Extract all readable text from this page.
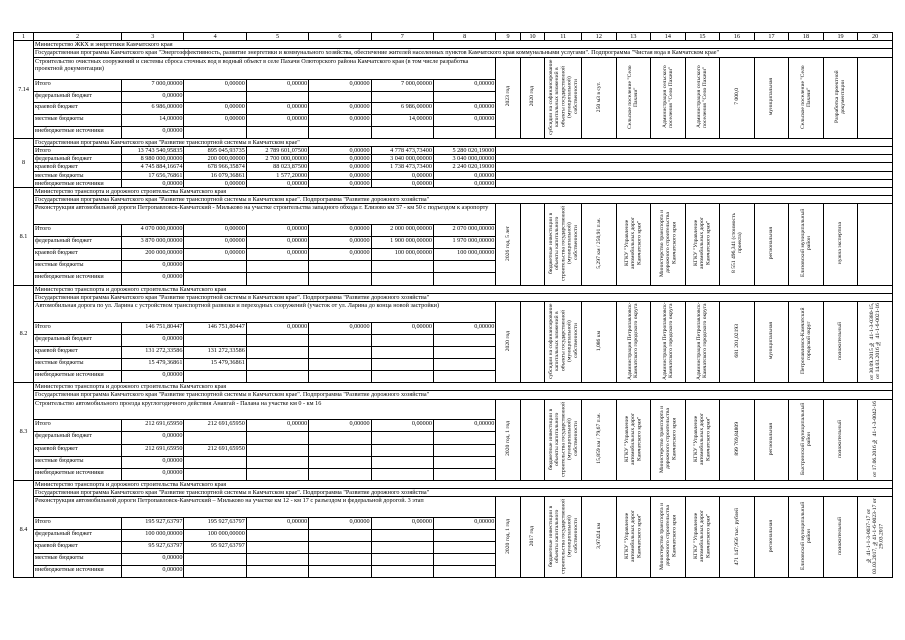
1	2	3	4	5	6	7	8	9	10	11	12	13	14	15	16	17	18	19	20
7.14	Министерство ЖКХ и энергетики Камчатского края																		
	Государственная программа Камчатского края "Энергоэффективность, развитие энергетики и коммунального хозяйства, обеспечение жителей населенных пунктов Камчатского края коммунальными услугами". Подпрограмма "Чистая вода в Камчатском крае"																		
	Строительство очистных сооружений и системы сброса сточных вод в водный объект в селе Пахачи Олюторского района Камчатского края (в том числе разработка проектной документации)							2023 год	2020 год	субсидии на софинансирование капитальных вложений в объекты государственной (муниципальной) собственности	250 м3 в сут.	Сельское поселение "Село Пахачи"	Администрация сельского поселения "Село Пахачи"	Администрация сельского поселения "Село Пахачи"	7 000,0	муниципальная	Сельское поселение "Село Пахачи"	Разработка проектной документации	
	Итого	7 000,00000	0,00000	0,00000	0,00000	7 000,00000	0,00000												
	федеральный бюджет	0,00000																	
	краевой бюджет	6 986,00000	0,00000	0,00000	0,00000	6 986,00000	0,00000												
	местные бюджеты	14,00000	0,00000	0,00000	0,00000	14,00000	0,00000												
	внебюджетные источники	0,00000																	
8	Государственная программа Камчатского края "Развитие транспортной системы в Камчатском крае"																		
	Итого	13 743 540,95835	895 045,93735	2 789 601,07500	0,00000	4 778 473,73400	5 280 020,19000												
	федеральный бюджет	8 980 000,00000	200 000,00000	2 700 000,00000	0,00000	3 040 000,00000	3 040 000,00000												
	краевой бюджет	4 745 884,16674	678 966,35874	88 023,87500	0,00000	1 738 473,73400	2 240 020,19000												
	местные бюджеты	17 656,76861	16 079,36861	1 577,20000	0,00000	0,00000	0,00000												
	внебюджетные источники	0,00000	0,00000	0,00000	0,00000	0,00000	0,00000												
8.1	Министерство транспорта и дорожного строительства Камчатского края																		
	Государственная программа Камчатского края "Развитие транспортной системы в Камчатском крае". Подпрограмма "Развитие дорожного хозяйства"																		
	Реконструкция автомобильной дороги Петропавловск-Камчатский - Мильково на участке строительства западного обхода г. Елизово км 37 - км 50 с подъездом к аэропорту							2026 год, 5 лет		бюджетные инвестиции в объекты капитального строительства государственной (муниципальной) собственности	5,297 км / 250,91 п.м.	КГКУ "Управление автомобильных дорог Камчатского края"	Министерство транспорта и дорожного строительства Камчатского края	КГКУ "Управление автомобильных дорог Камчатского края"	8 551 496,341 (стоимость проекта)	региональная	Елизовский муниципальный район	нужна экспертиза	
	Итого	4 070 000,00000	0,00000	0,00000	0,00000	2 000 000,00000	2 070 000,00000												
	федеральный бюджет	3 870 000,00000	0,00000	0,00000	0,00000	1 900 000,00000	1 970 000,00000												
	краевой бюджет	200 000,00000	0,00000	0,00000	0,00000	100 000,00000	100 000,00000												
	местные бюджеты	0,00000																	
	внебюджетные источники	0,00000																	
8.2	Министерство транспорта и дорожного строительства Камчатского края																		
	Государственная программа Камчатского края "Развитие транспортной системы в Камчатском крае". Подпрограмма "Развитие дорожного хозяйства"																		
	Автомобильная дорога по ул. Ларина с устройством транспортной развязки и переходных сооружений (участок от ул. Ларина до конца новой застройки)							2020 год		субсидии на софинансирование капитальных вложений в объекты государственной (муниципальной) собственности	1,086 км	Администрация Петропавловск-Камчатского городского округа	Администрация Петропавловск-Камчатского городского округа	Администрация Петропавловск-Камчатского городского округа	681 201,02193	муниципальная	Петропавловск-Камчатский городской округ	положительный	от 30.09.2015 № 41-1-3-0380-15, от 14.03.2016 № 41-1-6-0021-16
	Итого	146 751,80447	146 751,80447	0,00000	0,00000	0,00000	0,00000												
	федеральный бюджет	0,00000																	
	краевой бюджет	131 272,33586	131 272,33586																
	местные бюджеты	15 479,36861	15 479,36861																
	внебюджетные источники	0,00000																	
8.3	Министерство транспорта и дорожного строительства Камчатского края																		
	Государственная программа Камчатского края "Развитие транспортной системы в Камчатском крае". Подпрограмма "Развитие дорожного хозяйства"																		
	Строительство автомобильного проезда круглогодичного действия Анавгай - Палана на участке км 0 - км 16							2020 год, 1 год		бюджетные инвестиции в объекты капитального строительства государственной (муниципальной) собственности	15,859 км / 79,67 п.м.	КГКУ "Управление автомобильных дорог Камчатского края"	Министерство транспорта и дорожного строительства Камчатского края	КГКУ "Управление автомобильных дорог Камчатского края"	899 769,84809	региональная	Быстринский муниципальный район	положительный	от 17.06.2016 № 41-1-3-0042-16
	Итого	212 691,65950	212 691,65950	0,00000	0,00000	0,00000	0,00000												
	федеральный бюджет	0,00000																	
	краевой бюджет	212 691,65950	212 691,65950																
	местные бюджеты	0,00000																	
	внебюджетные источники	0,00000																	
8.4	Министерство транспорта и дорожного строительства Камчатского края																		
	Государственная программа Камчатского края "Развитие транспортной системы в Камчатском крае". Подпрограмма "Развитие дорожного хозяйства"																		
	Реконструкция автомобильной дороги Петропавловск-Камчатский – Мильково на участке км 12 - км 17 с разъездом и федеральной дорогой. 3 этап							2020 год, 1 год	2017 год	бюджетные инвестиции в объекты капитального строительства государственной (муниципальной) собственности	3,97424 км	КГКУ "Управление автомобильных дорог Камчатского края"	Министерство транспорта и дорожного строительства Камчатского края	КГКУ "Управление автомобильных дорог Камчатского края"	471 147,956 тыс. рублей	региональная	Елизовский муниципальный район	положительный	№ 41-1-1-3-0037-17 от 03.03.2017, №41-1-6-0023-17 от 29.03.2017
	Итого	195 927,63797	195 927,63797	0,00000	0,00000	0,00000	0,00000												
	федеральный бюджет	100 000,00000	100 000,00000																
	краевой бюджет	95 927,63797	95 927,63797																
	местные бюджеты	0,00000																	
	внебюджетные источники	0,00000																	
